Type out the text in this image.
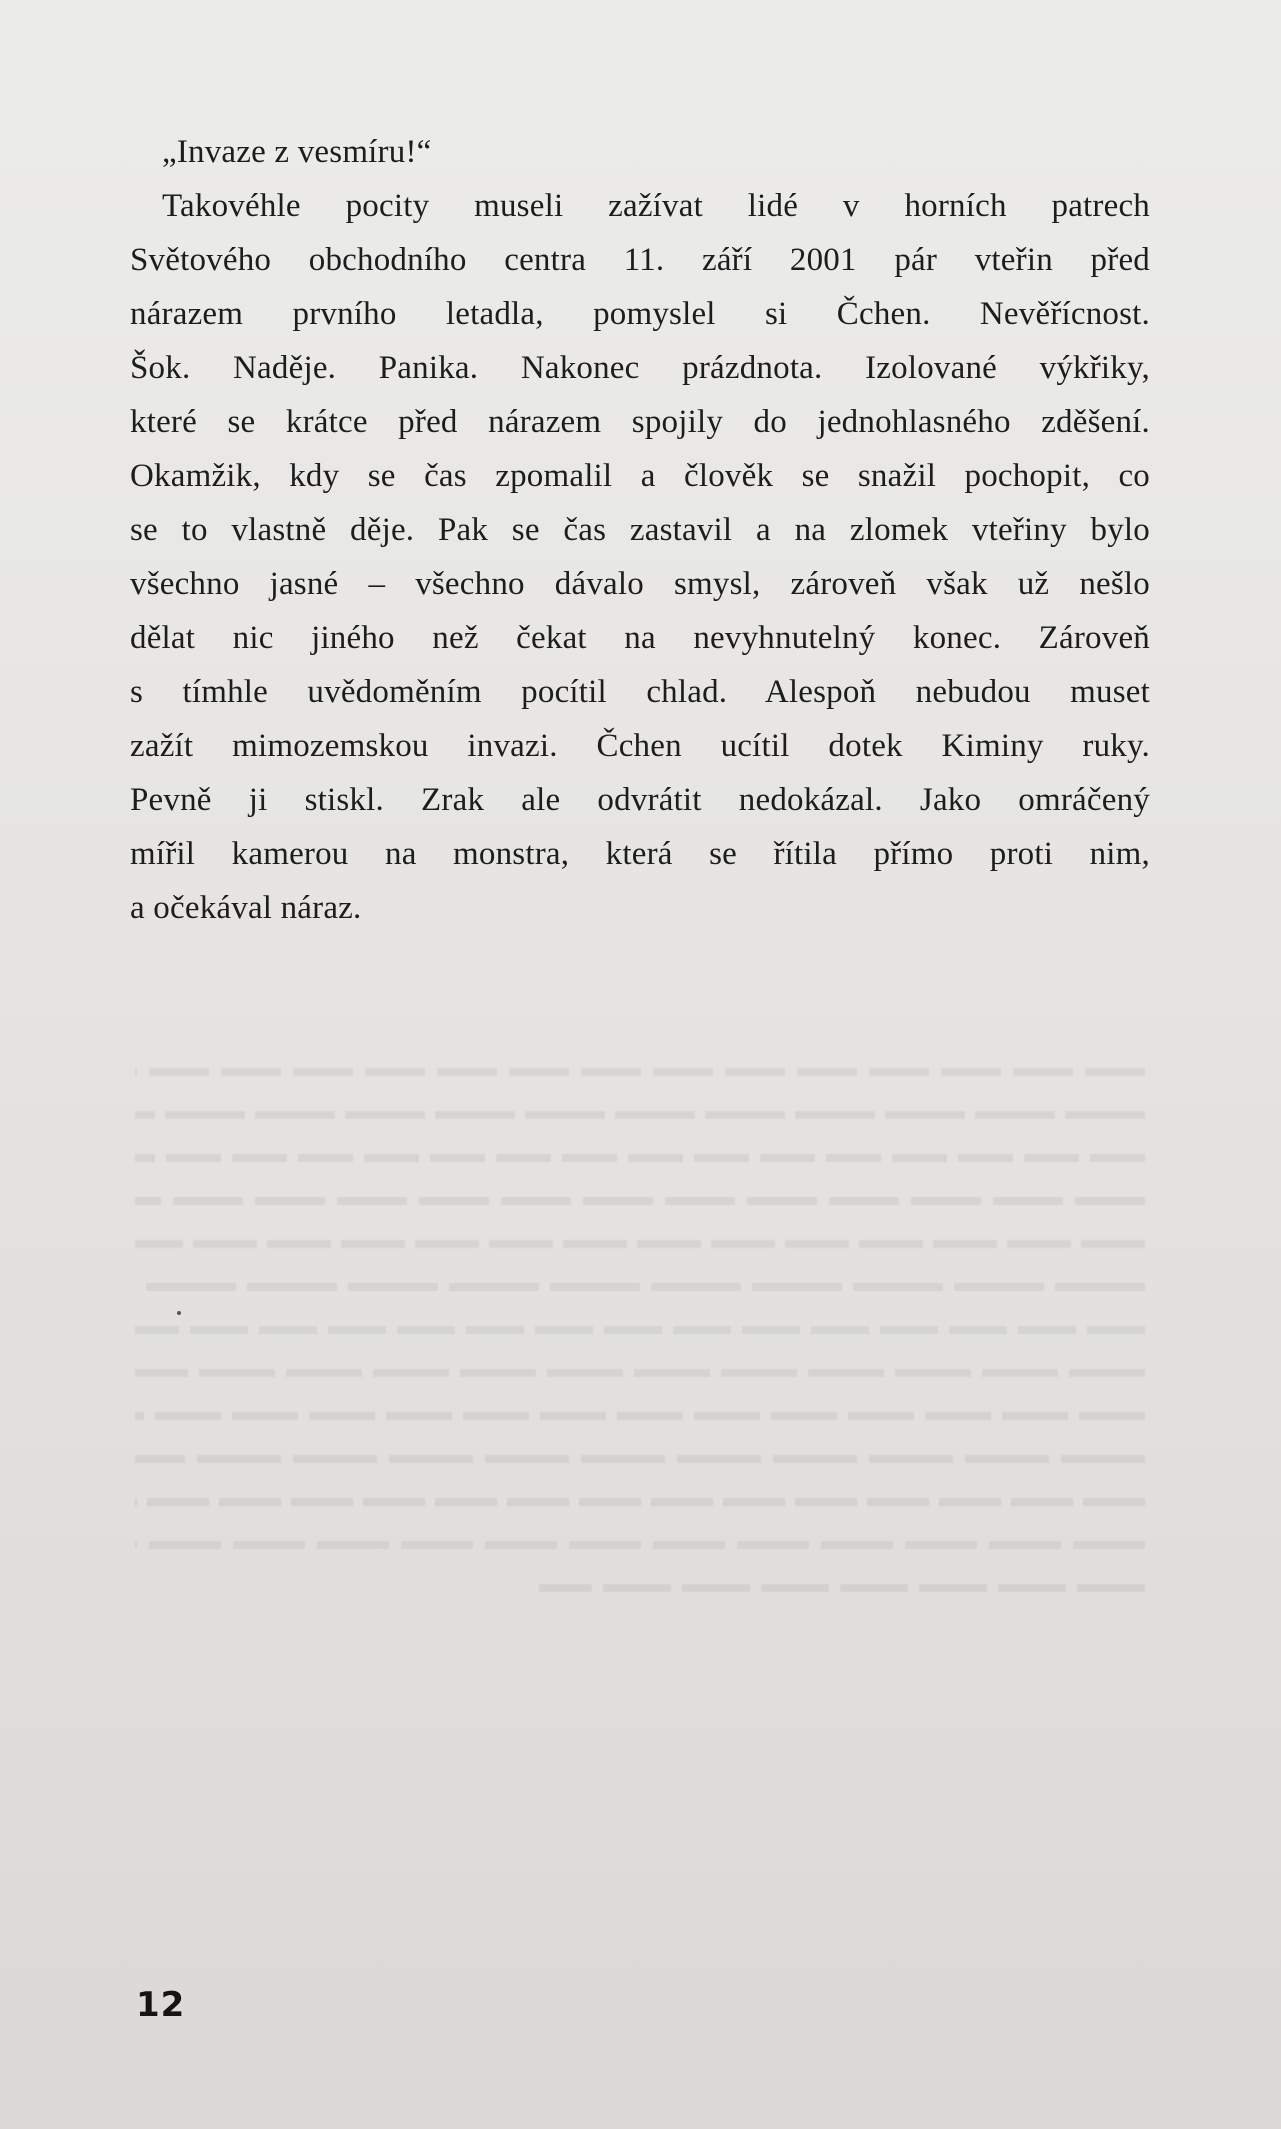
„Invaze z vesmíru!“
Takovéhle pocity museli zažívat lidé v horních patrech
Světového obchodního centra 11. září 2001 pár vteřin před
nárazem prvního letadla, pomyslel si Čchen. Nevěřícnost.
Šok. Naděje. Panika. Nakonec prázdnota. Izolované výkřiky,
které se krátce před nárazem spojily do jednohlasného zděšení.
Okamžik, kdy se čas zpomalil a člověk se snažil pochopit, co
se to vlastně děje. Pak se čas zastavil a na zlomek vteřiny bylo
všechno jasné – všechno dávalo smysl, zároveň však už nešlo
dělat nic jiného než čekat na nevyhnutelný konec. Zároveň
s tímhle uvědoměním pocítil chlad. Alespoň nebudou muset
zažít mimozemskou invazi. Čchen ucítil dotek Kiminy ruky.
Pevně ji stiskl. Zrak ale odvrátit nedokázal. Jako omráčený
mířil kamerou na monstra, která se řítila přímo proti nim,
a očekával náraz.
12
